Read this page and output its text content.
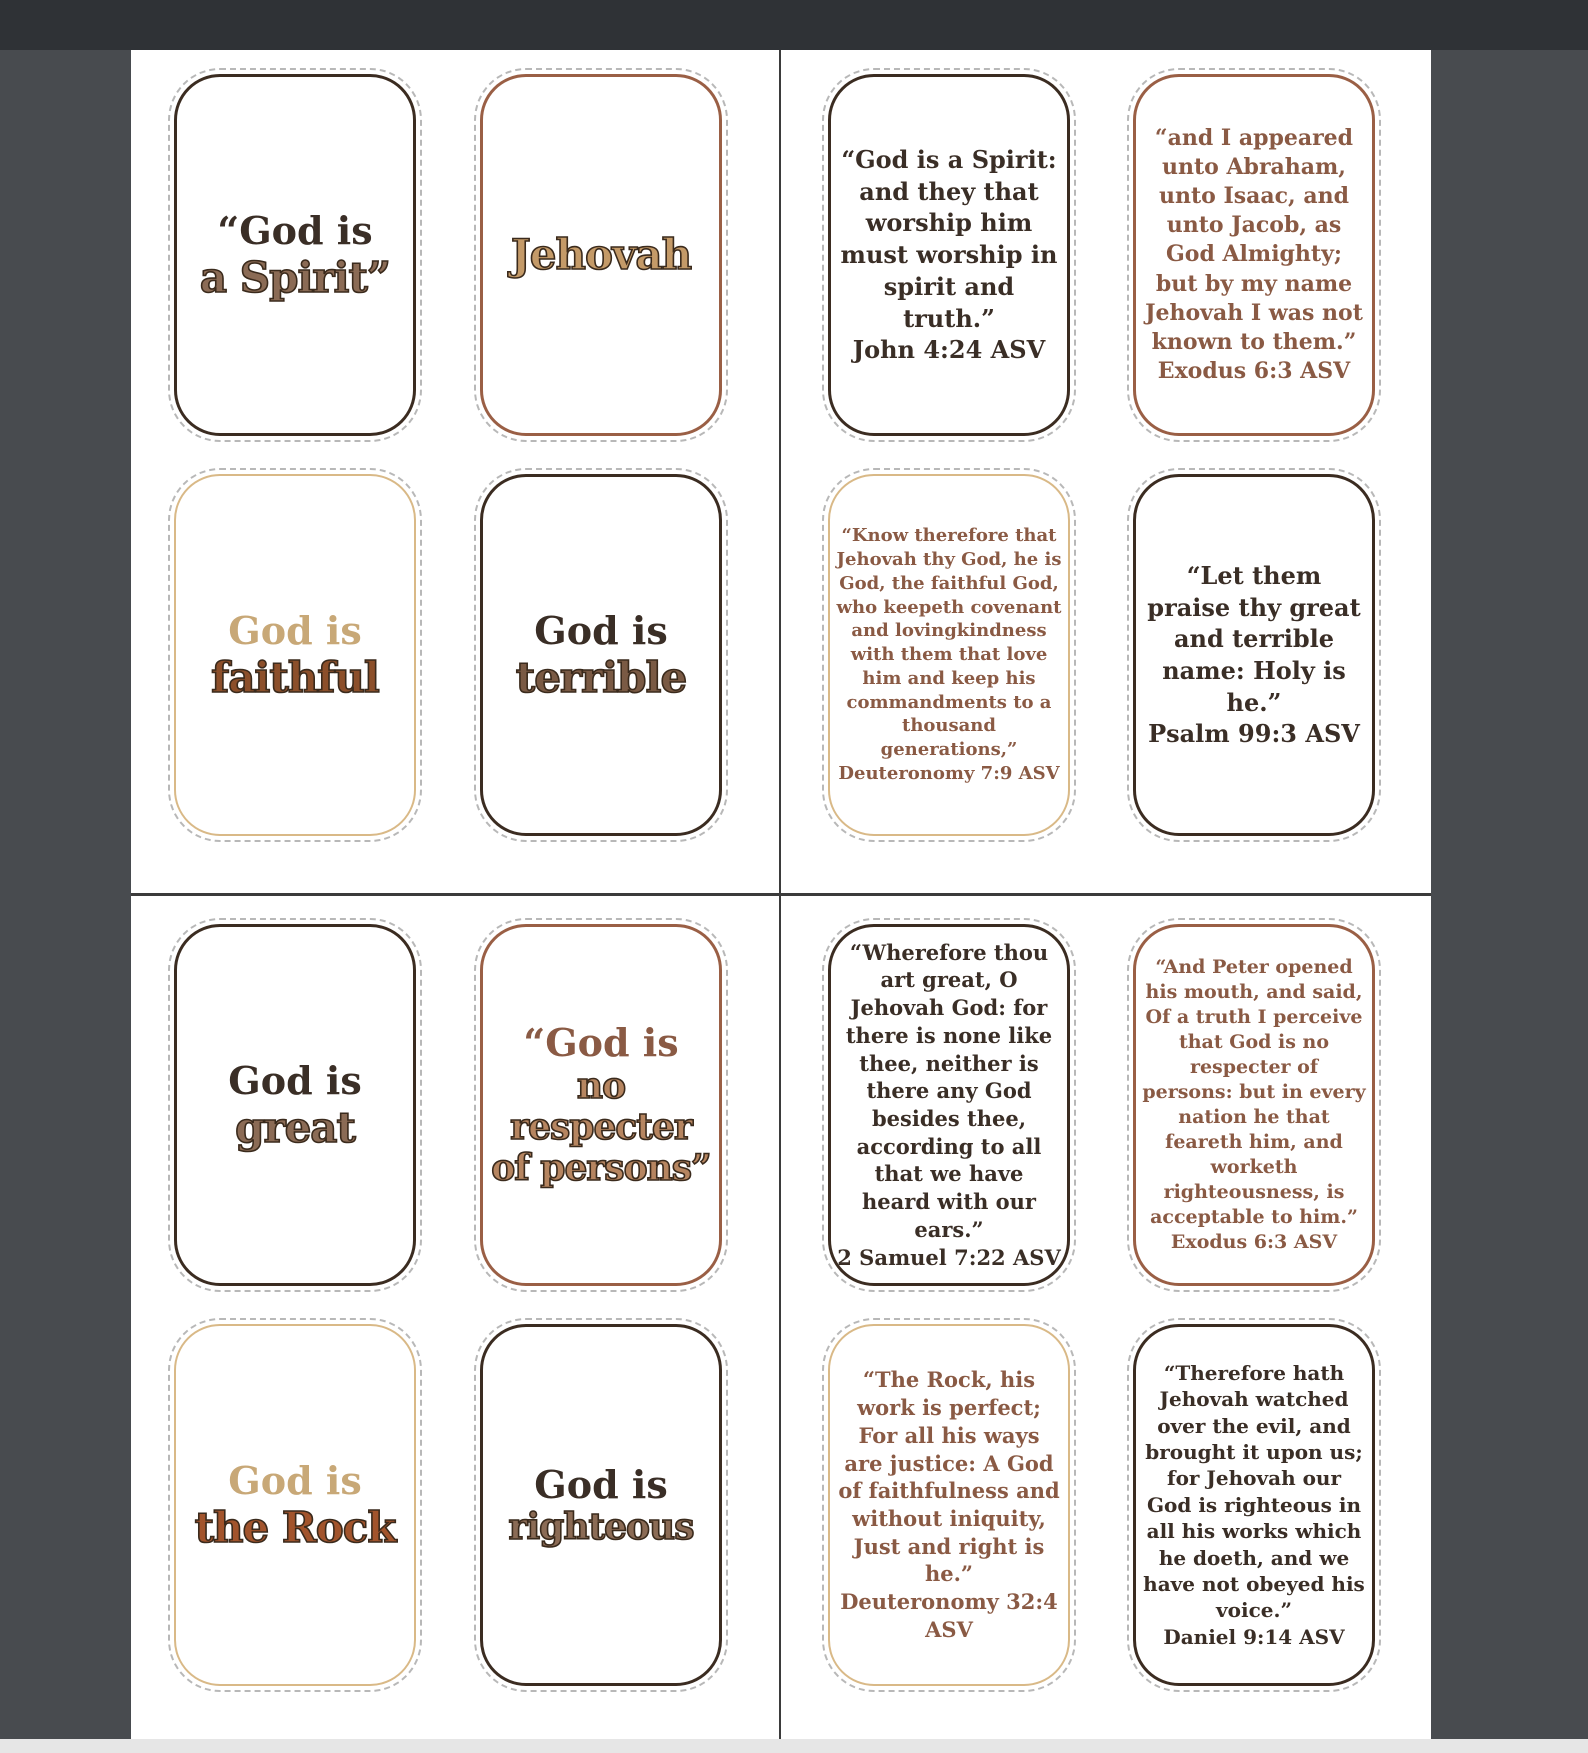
“God is
a Spirit”	Jehovah
God is
faithful
God is
terrible
“God is a Spirit: and they that worship him must worship in spirit and truth.”
John 4:24 ASV
“and I appeared unto Abraham, unto Isaac, and unto Jacob, as God Almighty; but by my name Jehovah I was not known to them.”
Exodus 6:3 ASV
“Know therefore that Jehovah thy God, he is God, the faithful God, who keepeth covenant and lovingkindness with them that love him and keep his commandments to a thousand generations,”
Deuteronomy 7:9 ASV
“Let them praise thy great and terrible name: Holy is he.”
Psalm 99:3 ASV
God is
great
“God is
no respecter of persons”
God is
the Rock
God is
righteous
“Wherefore thou art great, O Jehovah God: for there is none like thee, neither is there any God besides thee, according to all that we have heard with our ears.”
2 Samuel 7:22 ASV
“And Peter opened his mouth, and said, Of a truth I perceive that God is no respecter of persons: but in every nation he that feareth him, and worketh righteousness, is acceptable to him.”
Exodus 6:3 ASV
“The Rock, his work is perfect; For all his ways are justice: A God of faithfulness and without iniquity, Just and right is he.”
Deuteronomy 32:4 ASV
“Therefore hath Jehovah watched over the evil, and brought it upon us; for Jehovah our God is righteous in all his works which he doeth, and we have not obeyed his voice.”
Daniel 9:14 ASV
